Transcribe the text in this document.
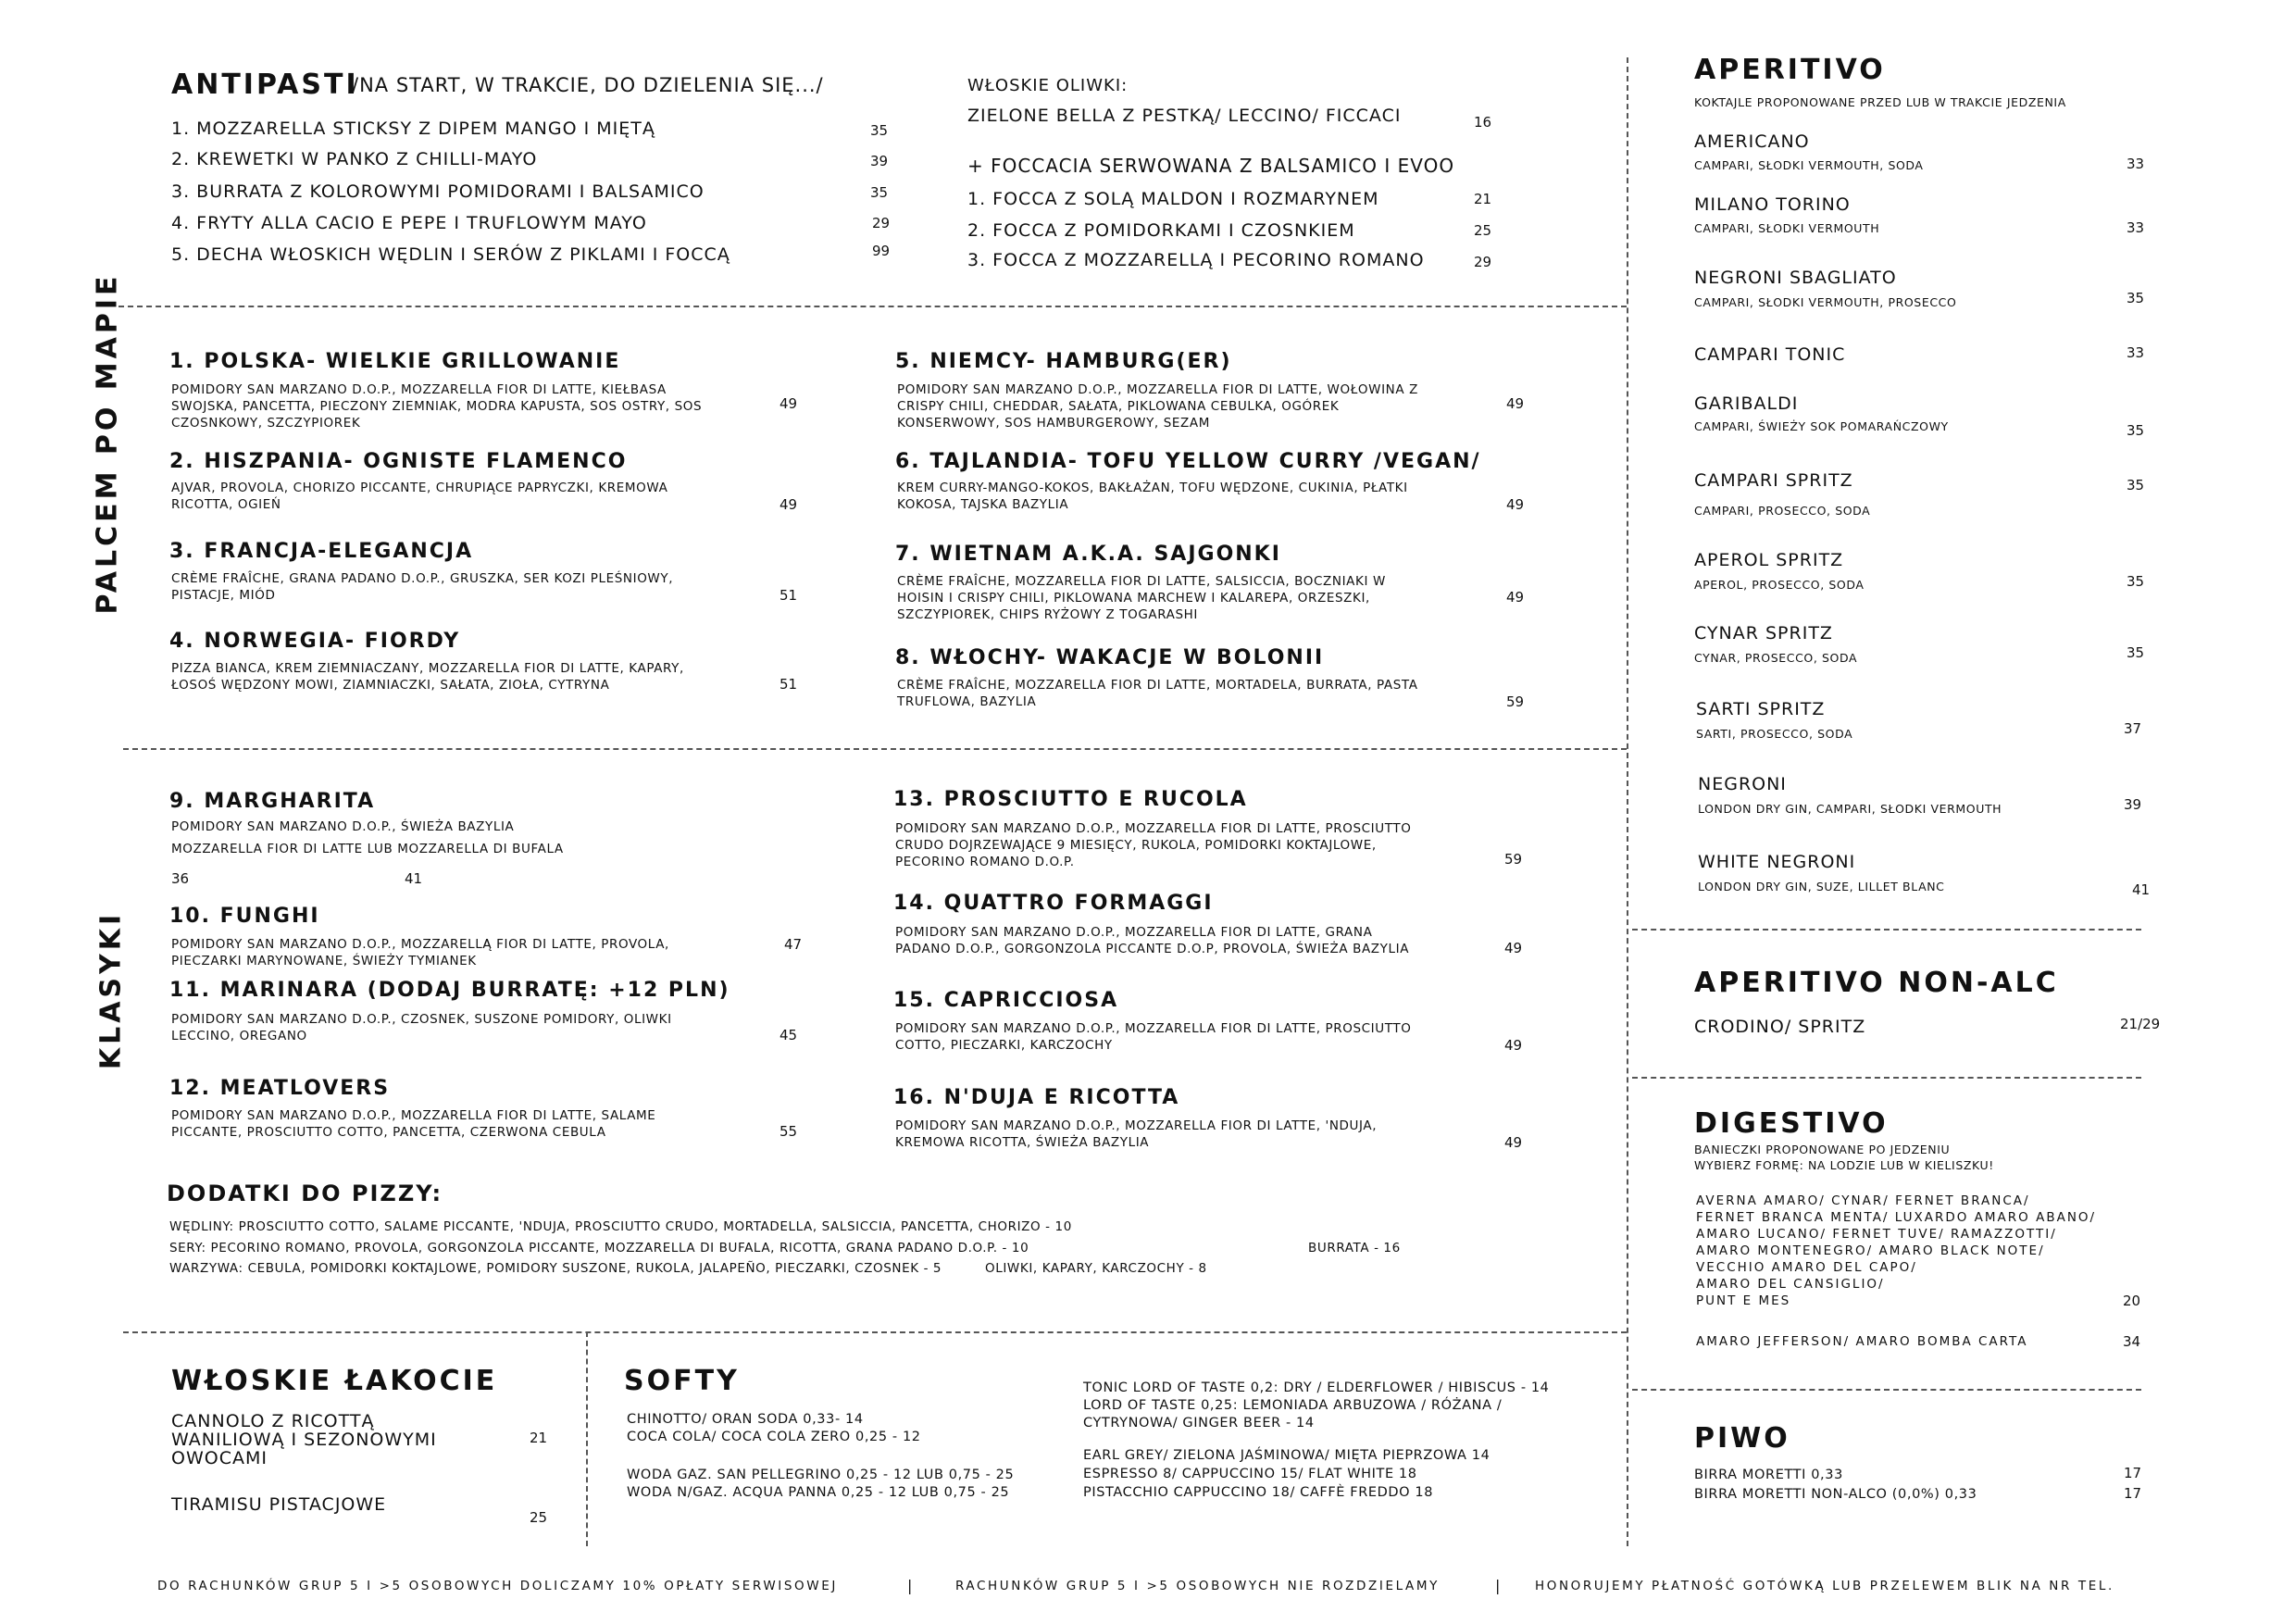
ANTIPASTI
/NA START, W TRAKCIE, DO DZIELENIA SIĘ.../
1. MOZZARELLA STICKSY Z DIPEM MANGO I MIĘTĄ	35
2. KREWETKI W PANKO Z CHILLI-MAYO	39
3. BURRATA Z KOLOROWYMI POMIDORAMI I BALSAMICO	35
4. FRYTY ALLA CACIO E PEPE I TRUFLOWYM MAYO	29
5. DECHA WŁOSKICH WĘDLIN I SERÓW Z PIKLAMI I FOCCĄ	99
WŁOSKIE OLIWKI:
ZIELONE BELLA Z PESTKĄ/ LECCINO/ FICCACI	16
+ FOCCACIA SERWOWANA Z BALSAMICO I EVOO
1. FOCCA Z SOLĄ MALDON I ROZMARYNEM	21
2. FOCCA Z POMIDORKAMI I CZOSNKIEM	25
3. FOCCA Z MOZZARELLĄ I PECORINO ROMANO	29
PALCEM PO MAPIE 1. POLSKA- WIELKIE GRILLOWANIE
POMIDORY SAN MARZANO D.O.P., MOZZARELLA FIOR DI LATTE, KIEŁBASA SWOJSKA, PANCETTA, PIECZONY ZIEMNIAK, MODRA KAPUSTA, SOS OSTRY, SOS CZOSNKOWY, SZCZYPIOREK
49
2. HISZPANIA- OGNISTE FLAMENCO
AJVAR, PROVOLA, CHORIZO PICCANTE, CHRUPIĄCE PAPRYCZKI, KREMOWA RICOTTA, OGIEŃ	49
3. FRANCJA-ELEGANCJA
CRÈME FRAÎCHE, GRANA PADANO D.O.P., GRUSZKA, SER KOZI PLEŚNIOWY, PISTACJE, MIÓD	51
4. NORWEGIA- FIORDY
PIZZA BIANCA, KREM ZIEMNIACZANY, MOZZARELLA FIOR DI LATTE, KAPARY, ŁOSOŚ WĘDZONY MOWI, ZIAMNIACZKI, SAŁATA, ZIOŁA, CYTRYNA	51
5. NIEMCY- HAMBURG(ER)
POMIDORY SAN MARZANO D.O.P., MOZZARELLA FIOR DI LATTE, WOŁOWINA Z CRISPY CHILI, CHEDDAR, SAŁATA, PIKLOWANA CEBULKA, OGÓREK KONSERWOWY, SOS HAMBURGEROWY, SEZAM
49
6. TAJLANDIA- TOFU YELLOW CURRY /VEGAN/
KREM CURRY-MANGO-KOKOS, BAKŁAŻAN, TOFU WĘDZONE, CUKINIA, PŁATKI KOKOSA, TAJSKA BAZYLIA	49
7. WIETNAM A.K.A. SAJGONKI
CRÈME FRAÎCHE, MOZZARELLA FIOR DI LATTE, SALSICCIA, BOCZNIAKI W HOISIN I CRISPY CHILI, PIKLOWANA MARCHEW I KALAREPA, ORZESZKI, SZCZYPIOREK, CHIPS RYŻOWY Z TOGARASHI
49
8. WŁOCHY- WAKACJE W BOLONII
CRÈME FRAÎCHE, MOZZARELLA FIOR DI LATTE, MORTADELA, BURRATA, PASTA TRUFLOWA, BAZYLIA	59
KLASYKI
9. MARGHARITA
POMIDORY SAN MARZANO D.O.P., ŚWIEŻA BAZYLIA
MOZZARELLA FIOR DI LATTE LUB MOZZARELLA DI BUFALA
36	41
10. FUNGHI
POMIDORY SAN MARZANO D.O.P., MOZZARELLĄ FIOR DI LATTE, PROVOLA, PIECZARKI MARYNOWANE, ŚWIEŻY TYMIANEK
47
11. MARINARA (DODAJ BURRATĘ: +12 PLN)
POMIDORY SAN MARZANO D.O.P., CZOSNEK, SUSZONE POMIDORY, OLIWKI LECCINO, OREGANO	45
12. MEATLOVERS
POMIDORY SAN MARZANO D.O.P., MOZZARELLA FIOR DI LATTE, SALAME PICCANTE, PROSCIUTTO COTTO, PANCETTA, CZERWONA CEBULA	55
13. PROSCIUTTO E RUCOLA
POMIDORY SAN MARZANO D.O.P., MOZZARELLA FIOR DI LATTE, PROSCIUTTO CRUDO DOJRZEWAJĄCE 9 MIESIĘCY, RUKOLA, POMIDORKI KOKTAJLOWE, PECORINO ROMANO D.O.P.	59
14. QUATTRO FORMAGGI
POMIDORY SAN MARZANO D.O.P., MOZZARELLA FIOR DI LATTE, GRANA PADANO D.O.P., GORGONZOLA PICCANTE D.O.P, PROVOLA, ŚWIEŻA BAZYLIA	49
15. CAPRICCIOSA
POMIDORY SAN MARZANO D.O.P., MOZZARELLA FIOR DI LATTE, PROSCIUTTO COTTO, PIECZARKI, KARCZOCHY	49
16. N'DUJA E RICOTTA
POMIDORY SAN MARZANO D.O.P., MOZZARELLA FIOR DI LATTE, 'NDUJA, KREMOWA RICOTTA, ŚWIEŻA BAZYLIA	49
DODATKI DO PIZZY:
WĘDLINY: PROSCIUTTO COTTO, SALAME PICCANTE, 'NDUJA, PROSCIUTTO CRUDO, MORTADELLA, SALSICCIA, PANCETTA, CHORIZO - 10
SERY: PECORINO ROMANO, PROVOLA, GORGONZOLA PICCANTE, MOZZARELLA DI BUFALA, RICOTTA, GRANA PADANO D.O.P. - 10	BURRATA - 16
WARZYWA: CEBULA, POMIDORKI KOKTAJLOWE, POMIDORY SUSZONE, RUKOLA, JALAPEÑO, PIECZARKI, CZOSNEK - 5	OLIWKI, KAPARY, KARCZOCHY - 8
WŁOSKIE ŁAKOCIE
CANNOLO Z RICOTTĄ WANILIOWĄ I SEZONOWYMI OWOCAMI
21
TIRAMISU PISTACJOWE
25
SOFTY
CHINOTTO/ ORAN SODA 0,33- 14
COCA COLA/ COCA COLA ZERO 0,25 - 12
WODA GAZ. SAN PELLEGRINO 0,25 - 12 LUB 0,75 - 25
WODA N/GAZ. ACQUA PANNA 0,25 - 12 LUB 0,75 - 25
TONIC LORD OF TASTE 0,2: DRY / ELDERFLOWER / HIBISCUS - 14
LORD OF TASTE 0,25: LEMONIADA ARBUZOWA / RÓŻANA /
CYTRYNOWA/ GINGER BEER - 14
EARL GREY/ ZIELONA JAŚMINOWA/ MIĘTA PIEPRZOWA 14
ESPRESSO 8/ CAPPUCCINO 15/ FLAT WHITE 18
PISTACCHIO CAPPUCCINO 18/ CAFFÈ FREDDO 18
APERITIVO
KOKTAJLE PROPONOWANE PRZED LUB W TRAKCIE JEDZENIA
AMERICANO
CAMPARI, SŁODKI VERMOUTH, SODA	33
MILANO TORINO
CAMPARI, SŁODKI VERMOUTH	33
NEGRONI SBAGLIATO
CAMPARI, SŁODKI VERMOUTH, PROSECCO	35
CAMPARI TONIC	33
GARIBALDI
CAMPARI, ŚWIEŻY SOK POMARAŃCZOWY	35
CAMPARI SPRITZ
CAMPARI, PROSECCO, SODA
35
APEROL SPRITZ
APEROL, PROSECCO, SODA	35
CYNAR SPRITZ
CYNAR, PROSECCO, SODA	35
SARTI SPRITZ
SARTI, PROSECCO, SODA	37
NEGRONI
LONDON DRY GIN, CAMPARI, SŁODKI VERMOUTH	39
WHITE NEGRONI
LONDON DRY GIN, SUZE, LILLET BLANC	41
APERITIVO NON-ALC
CRODINO/ SPRITZ	21/29
DIGESTIVO
BANIECZKI PROPONOWANE PO JEDZENIU
WYBIERZ FORMĘ: NA LODZIE LUB W KIELISZKU!
AVERNA AMARO/ CYNAR/ FERNET BRANCA/
FERNET BRANCA MENTA/ LUXARDO AMARO ABANO/
AMARO LUCANO/ FERNET TUVE/ RAMAZZOTTI/
AMARO MONTENEGRO/ AMARO BLACK NOTE/
VECCHIO AMARO DEL CAPO/
AMARO DEL CANSIGLIO/
PUNT E MES	20
AMARO JEFFERSON/ AMARO BOMBA CARTA	34
PIWO
BIRRA MORETTI 0,33	17
BIRRA MORETTI NON-ALCO (0,0%) 0,33	17
DO RACHUNKÓW GRUP 5 I >5 OSOBOWYCH DOLICZAMY 10% OPŁATY SERWISOWEJ	|	RACHUNKÓW GRUP 5 I >5 OSOBOWYCH NIE ROZDZIELAMY	|	HONORUJEMY PŁATNOŚĆ GOTÓWKĄ LUB PRZELEWEM BLIK NA NR TEL.
